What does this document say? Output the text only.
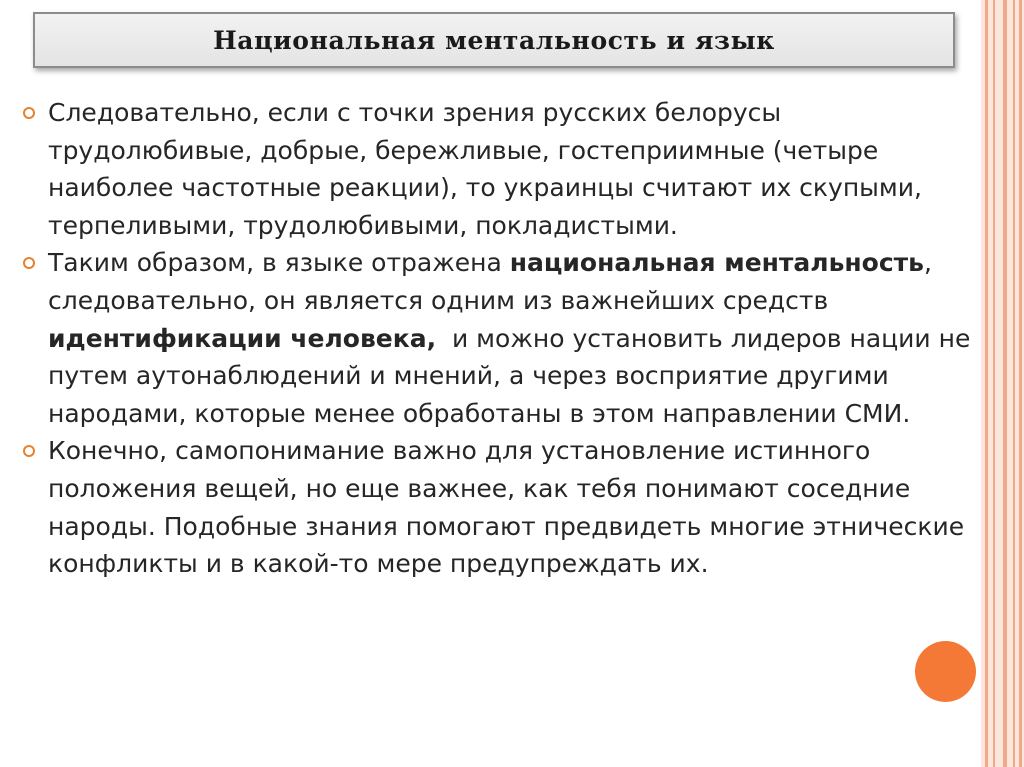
Национальная ментальность и язык

Следовательно, если с точки зрения русских белорусы трудолюбивые, добрые, бережливые, гостеприимные (четыре наиболее частотные реакции), то украинцы считают их скупыми, терпеливыми, трудолюбивыми, покладистыми.

Таким образом, в языке отражена национальная ментальность, следовательно, он является одним из важнейших средств идентификации человека,  и можно установить лидеров нации не путем аутонаблюдений и мнений, а через восприятие другими народами, которые менее обработаны в этом направлении СМИ.

Конечно, самопонимание важно для установление истинного положения вещей, но еще важнее, как тебя понимают соседние народы. Подобные знания помогают предвидеть многие этнические конфликты и в какой-то мере предупреждать их.
